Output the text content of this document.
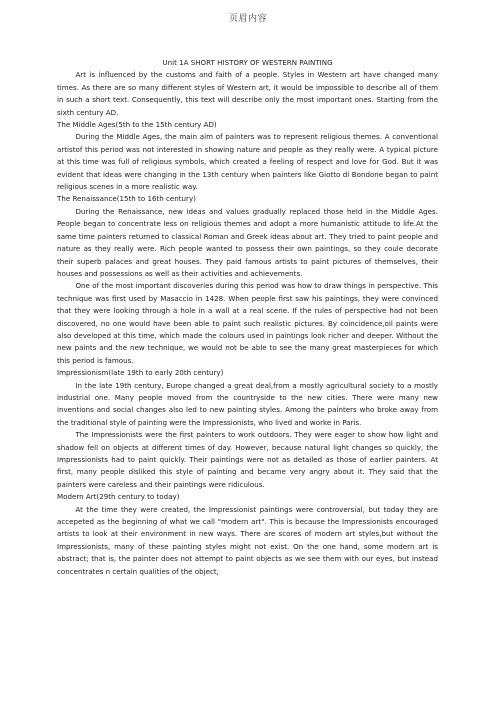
页眉内容
Unit 1A SHORT HISTORY OF WESTERN PAINTING

Art is influenced by the customs and faith of a people. Styles in Western art have changed many times. As there are so many different styles of Western art, it would be impossible to describe all of them in such a short text. Consequently, this text will describe only the most important ones. Starting from the sixth century AD.

The Middle Ages(5th to the 15th century AD)

During the Middle Ages, the main aim of painters was to represent religious themes. A conventional artistof this period was not interested in showing nature and people as they really were. A typical picture at this time was full of religious symbols, which created a feeling of respect and love for God. But it was evident that ideas were changing in the 13th century when painters like Giotto di Bondone began to paint religious scenes in a more realistic way.

The Renaissance(15th to 16th century)

During the Renaissance, new ideas and values gradually replaced those held in the Middle Ages. People began to concentrate less on religious themes and adopt a more humanistic attitude to life.At the same time painters returned to classical Roman and Greek ideas about art. They tried to paint people and nature as they really were. Rich people wanted to possess their own paintings, so they coule decorate their superb palaces and great houses. They paid famous artists to paint pictures of themselves, their houses and possessions as well as their activities and achievements.

One of the most important discoveries during this period was how to draw things in perspective. This technique was first used by Masaccio in 1428. When people first saw his paintings, they were convinced that they were looking through a hole in a wall at a real scene. If the rules of perspective had not been discovered, no one would have been able to paint such realistic pictures. By coincidence,oil paints were also developed at this time, which made the colours used in paintings look richer and deeper. Without the new paints and the new technique, we would not be able to see the many great masterpieces for which this period is famous.

Impressionism(late 19th to early 20th century)

In the late 19th century, Europe changed a great deal,from a mostly agricultural society to a mostly industrial one. Many people moved from the countryside to the new cities. There were many new inventions and social changes also led to new painting styles. Among the painters who broke away from the traditional style of painting were the Impressionists, who lived and worke in Paris.

The Impressionists were the first painters to work outdoors. They were eager to show how light and shadow fell on objects at different times of day. However, because natural light changes so quickly, the Impressionists had to paint quickly. Their paintings were not as detailed as those of earlier painters. At first, many people disliked this style of painting and became very angry about it. They said that the painters were careless and their paintings were ridiculous.

Modern Art(29th century to today)

At the time they were created, the Impressionist paintings were controversial, but today they are accepeted as the beginning of what we call "modern art". This is because the Impressionists encouraged artists to look at their environment in new ways. There are scores of modern art styles,but without the Impressionists, many of these painting styles might not exist. On the one hand, some modern art is abstract; that is, the painter does not attempt to paint objects as we see them with our eyes, but instead concentrates n certain qualities of the object,
